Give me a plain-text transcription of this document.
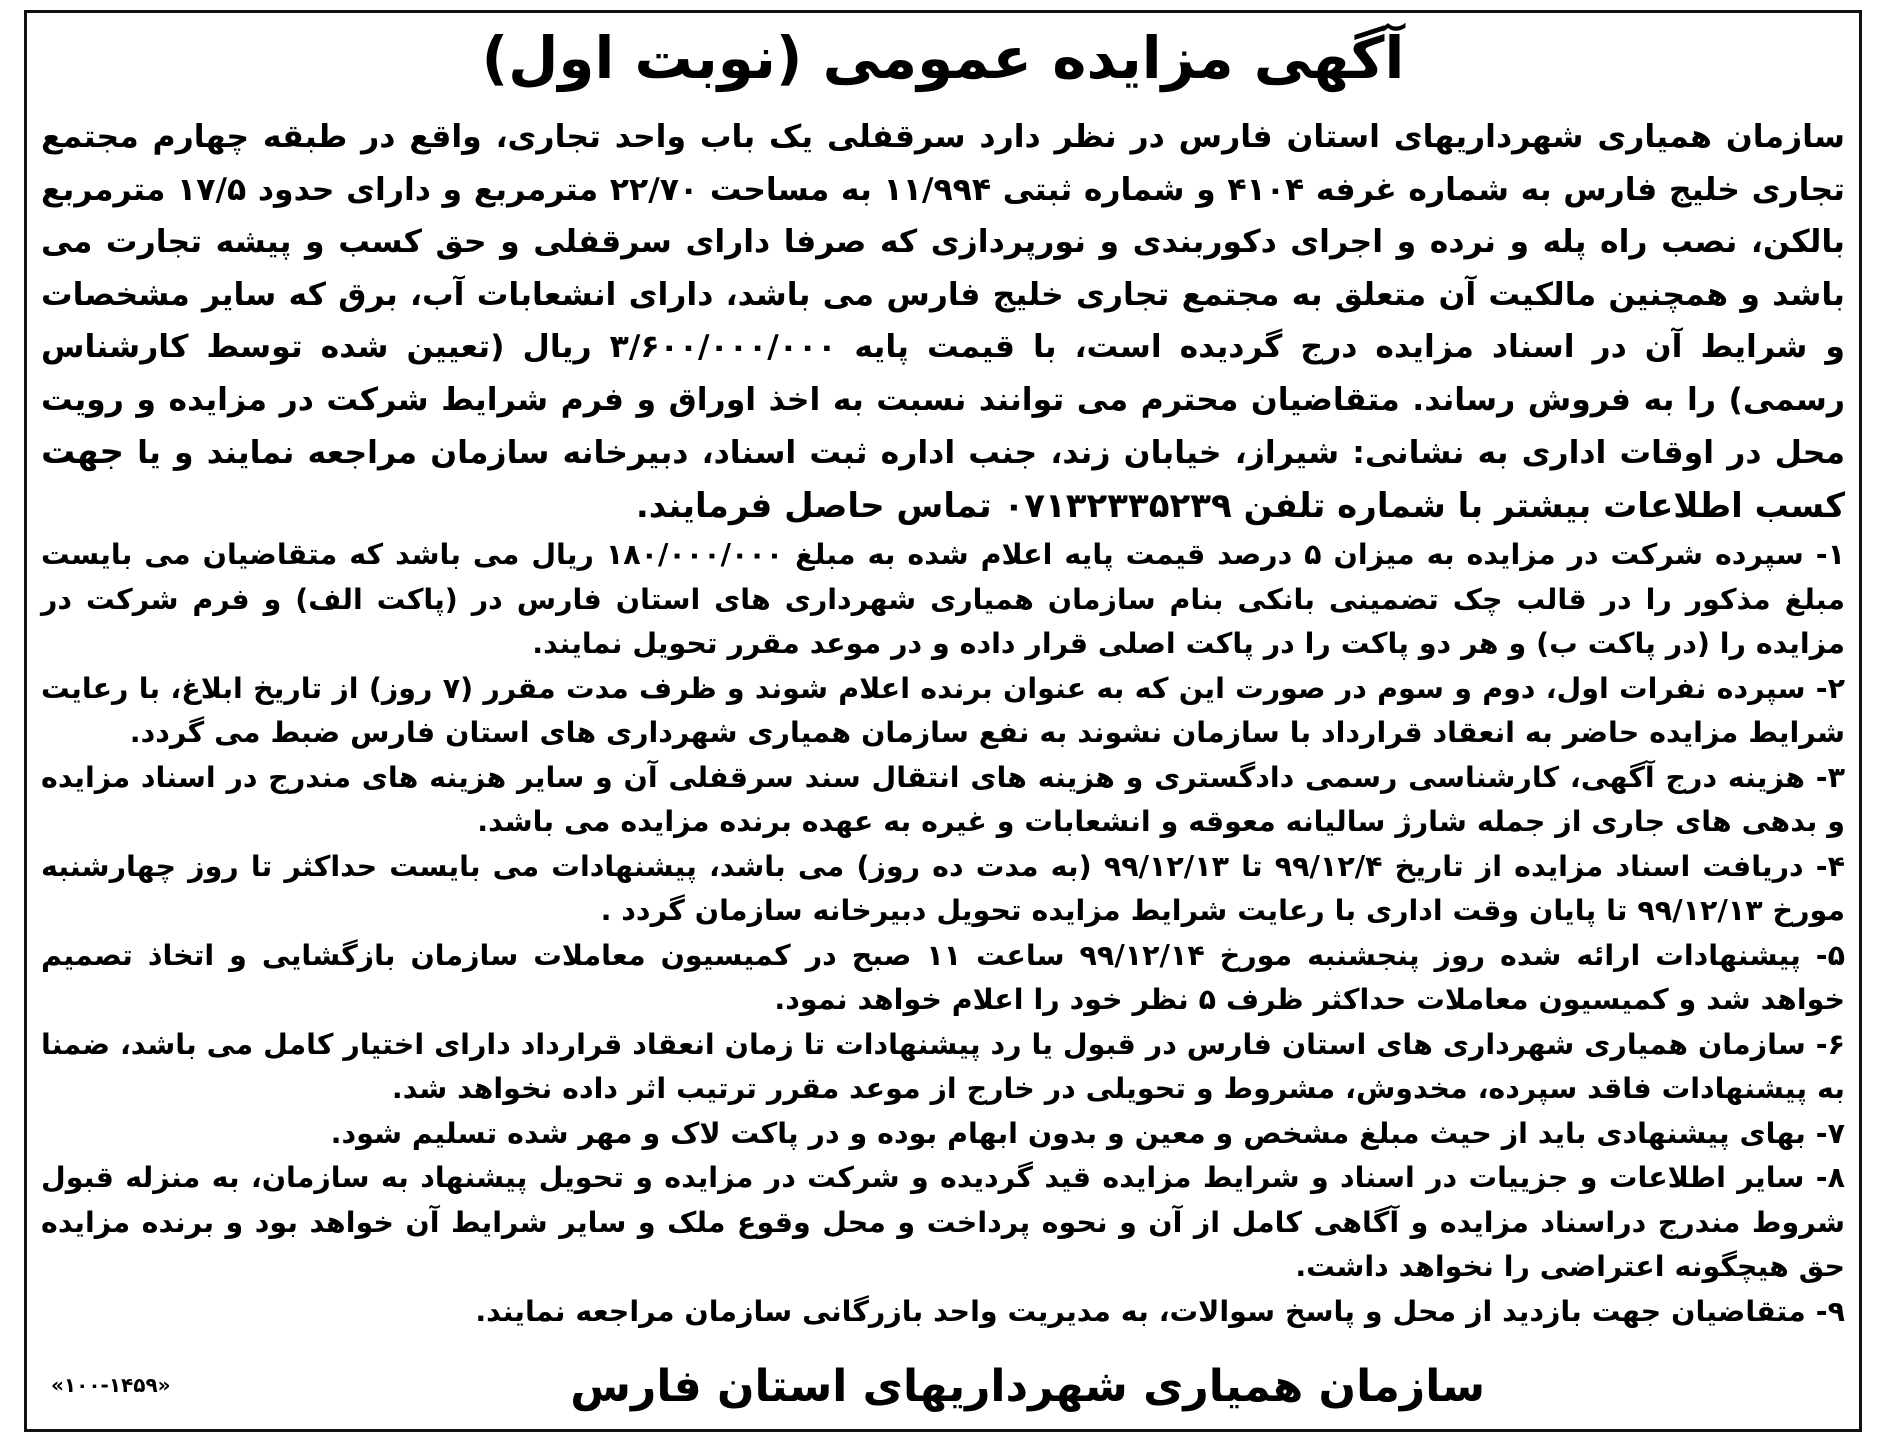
آگهی مزایده عمومی (نوبت اول)

سازمان همیاری شهرداریهای استان فارس در نظر دارد سرقفلی یک باب واحد تجاری، واقع در طبقه چهارم مجتمع تجاری خلیج فارس به شماره غرفه ۴۱۰۴ و شماره ثبتی ۱۱/۹۹۴ به مساحت ۲۲/۷۰ مترمربع و دارای حدود ۱۷/۵ مترمربع بالکن، نصب راه پله و نرده و اجرای دکوربندی و نورپردازی که صرفا دارای سرقفلی و حق کسب و پیشه تجارت می باشد و همچنین مالکیت آن متعلق به مجتمع تجاری خلیج فارس می باشد، دارای انشعابات آب، برق که سایر مشخصات و شرایط آن در اسناد مزایده درج گردیده است، با قیمت پایه ۳/۶۰۰/۰۰۰/۰۰۰ ریال (تعیین شده توسط کارشناس رسمی) را به فروش رساند. متقاضیان محترم می توانند نسبت به اخذ اوراق و فرم شرایط شرکت در مزایده و رویت محل در اوقات اداری به نشانی: شیراز، خیابان زند، جنب اداره ثبت اسناد، دبیرخانه سازمان مراجعه نمایند و یا جهت کسب اطلاعات بیشتر با شماره تلفن ۰۷۱۳۲۳۳۵۲۳۹ تماس حاصل فرمایند.

۱- سپرده شرکت در مزایده به میزان ۵ درصد قیمت پایه اعلام شده به مبلغ ۱۸۰/۰۰۰/۰۰۰ ریال می باشد که متقاضیان می بایست مبلغ مذکور را در قالب چک تضمینی بانکی بنام سازمان همیاری شهرداری های استان فارس در (پاکت الف) و فرم شرکت در مزایده را (در پاکت ب) و هر دو پاکت را در پاکت اصلی قرار داده و در موعد مقرر تحویل نمایند.
۲- سپرده نفرات اول، دوم و سوم در صورت این که به عنوان برنده اعلام شوند و ظرف مدت مقرر (۷ روز) از تاریخ ابلاغ، با رعایت شرایط مزایده حاضر به انعقاد قرارداد با سازمان نشوند به نفع سازمان همیاری شهرداری های استان فارس ضبط می گردد.
۳- هزینه درج آگهی، کارشناسی رسمی دادگستری و هزینه های انتقال سند سرقفلی آن و سایر هزینه های مندرج در اسناد مزایده و بدهی های جاری از جمله شارژ سالیانه معوقه و انشعابات و غیره به عهده برنده مزایده می باشد.
۴- دریافت اسناد مزایده از تاریخ ۹۹/۱۲/۴ تا ۹۹/۱۲/۱۳ (به مدت ده روز) می باشد، پیشنهادات می بایست حداکثر تا روز چهارشنبه مورخ ۹۹/۱۲/۱۳ تا پایان وقت اداری با رعایت شرایط مزایده تحویل دبیرخانه سازمان گردد .
۵- پیشنهادات ارائه شده روز پنجشنبه مورخ ۹۹/۱۲/۱۴ ساعت ۱۱ صبح در کمیسیون معاملات سازمان بازگشایی و اتخاذ تصمیم خواهد شد و کمیسیون معاملات حداکثر ظرف ۵ نظر خود را اعلام خواهد نمود.
۶- سازمان همیاری شهرداری های استان فارس در قبول یا رد پیشنهادات تا زمان انعقاد قرارداد دارای اختیار کامل می باشد، ضمنا به پیشنهادات فاقد سپرده، مخدوش، مشروط و تحویلی در خارج از موعد مقرر ترتیب اثر داده نخواهد شد.
۷- بهای پیشنهادی باید از حیث مبلغ مشخص و معین و بدون ابهام بوده و در پاکت لاک و مهر شده تسلیم شود.
۸- سایر اطلاعات و جزییات در اسناد و شرایط مزایده قید گردیده و شرکت در مزایده و تحویل پیشنهاد به سازمان، به منزله قبول شروط مندرج دراسناد مزایده و آگاهی کامل از آن و نحوه پرداخت و محل وقوع ملک و سایر شرایط آن خواهد بود و برنده مزایده حق هیچگونه اعتراضی را نخواهد داشت.
۹- متقاضیان جهت بازدید از محل و پاسخ سوالات، به مدیریت واحد بازرگانی سازمان مراجعه نمایند.
سازمان همیاری شهرداریهای استان فارس
«۱۰۰-۱۴۵۹»
